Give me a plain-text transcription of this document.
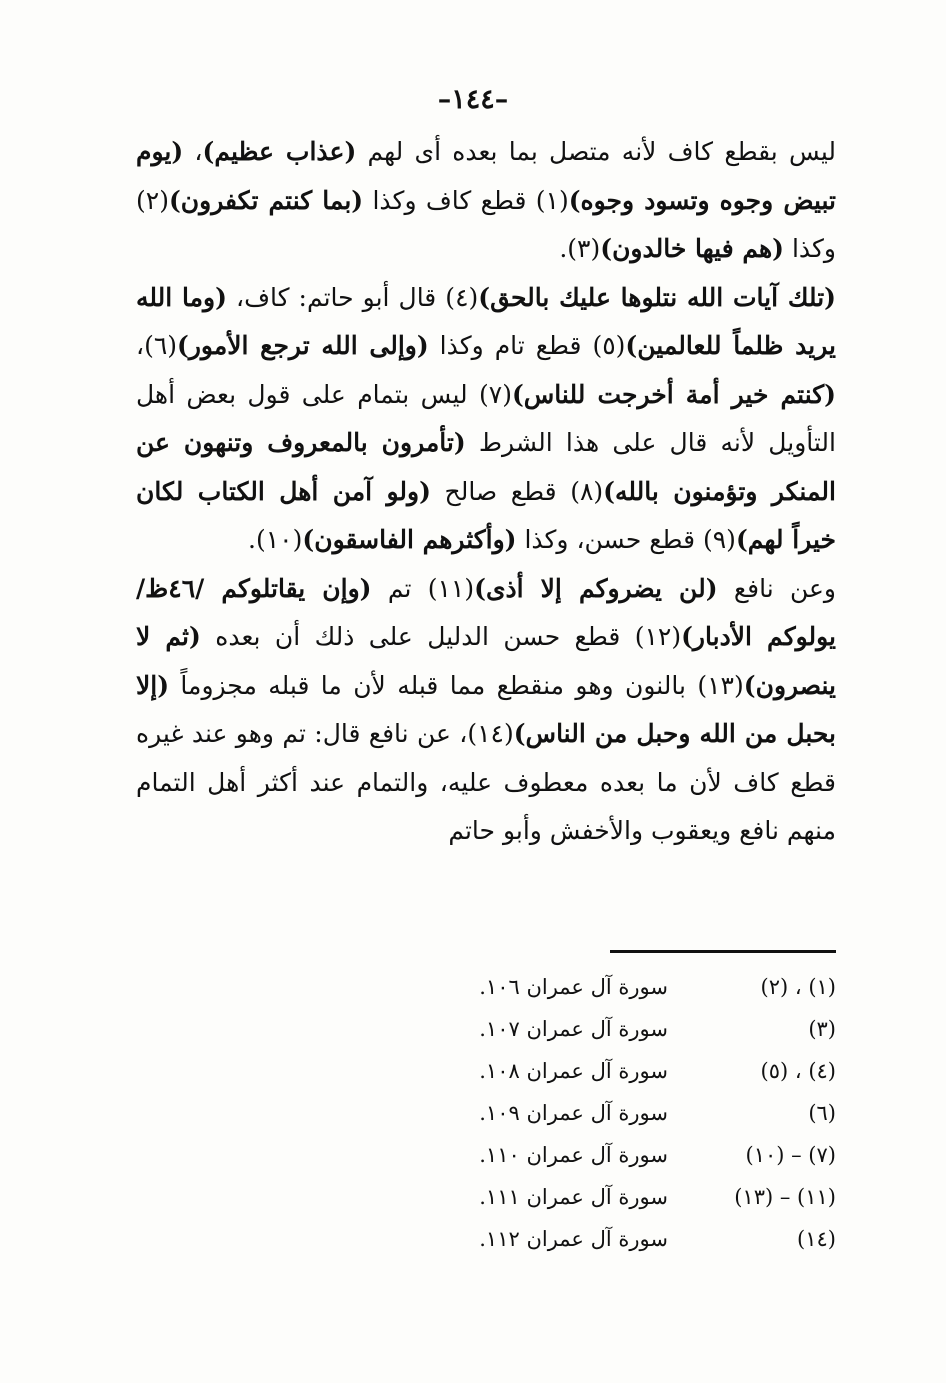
–١٤٤–

ليس بقطع كاف لأنه متصل بما بعده أى لهم (عذاب عظيم)، (يوم تبيض وجوه وتسود وجوه)(١) قطع كاف وكذا (بما كنتم تكفرون)(٢) وكذا (هم فيها خالدون)(٣).

(تلك آيات الله نتلوها عليك بالحق)(٤) قال أبو حاتم: كاف، (وما الله يريد ظلماً للعالمين)(٥) قطع تام وكذا (وإلى الله ترجع الأمور)(٦)، (كنتم خير أمة أخرجت للناس)(٧) ليس بتمام على قول بعض أهل التأويل لأنه قال على هذا الشرط (تأمرون بالمعروف وتنهون عن المنكر وتؤمنون بالله)(٨) قطع صالح (ولو آمن أهل الكتاب لكان خيراً لهم)(٩) قطع حسن، وكذا (وأكثرهم الفاسقون)(١٠).

وعن نافع (لن يضروكم إلا أذى)(١١) تم (وإن يقاتلوكم /٤٦ظ/ يولوكم الأدبار)(١٢) قطع حسن الدليل على ذلك أن بعده (ثم لا ينصرون)(١٣) بالنون وهو منقطع مما قبله لأن ما قبله مجزوماً (إلا بحبل من الله وحبل من الناس)(١٤)، عن نافع قال: تم وهو عند غيره قطع كاف لأن ما بعده معطوف عليه، والتمام عند أكثر أهل التمام منهم نافع ويعقوب والأخفش وأبو حاتم

(١) ، (٢)
سورة آل عمران ١٠٦.
(٣)
سورة آل عمران ١٠٧.
(٤) ، (٥)
سورة آل عمران ١٠٨.
(٦)
سورة آل عمران ١٠٩.
(٧) – (١٠)
سورة آل عمران ١١٠.
(١١) – (١٣)
سورة آل عمران ١١١.
(١٤)
سورة آل عمران ١١٢.
